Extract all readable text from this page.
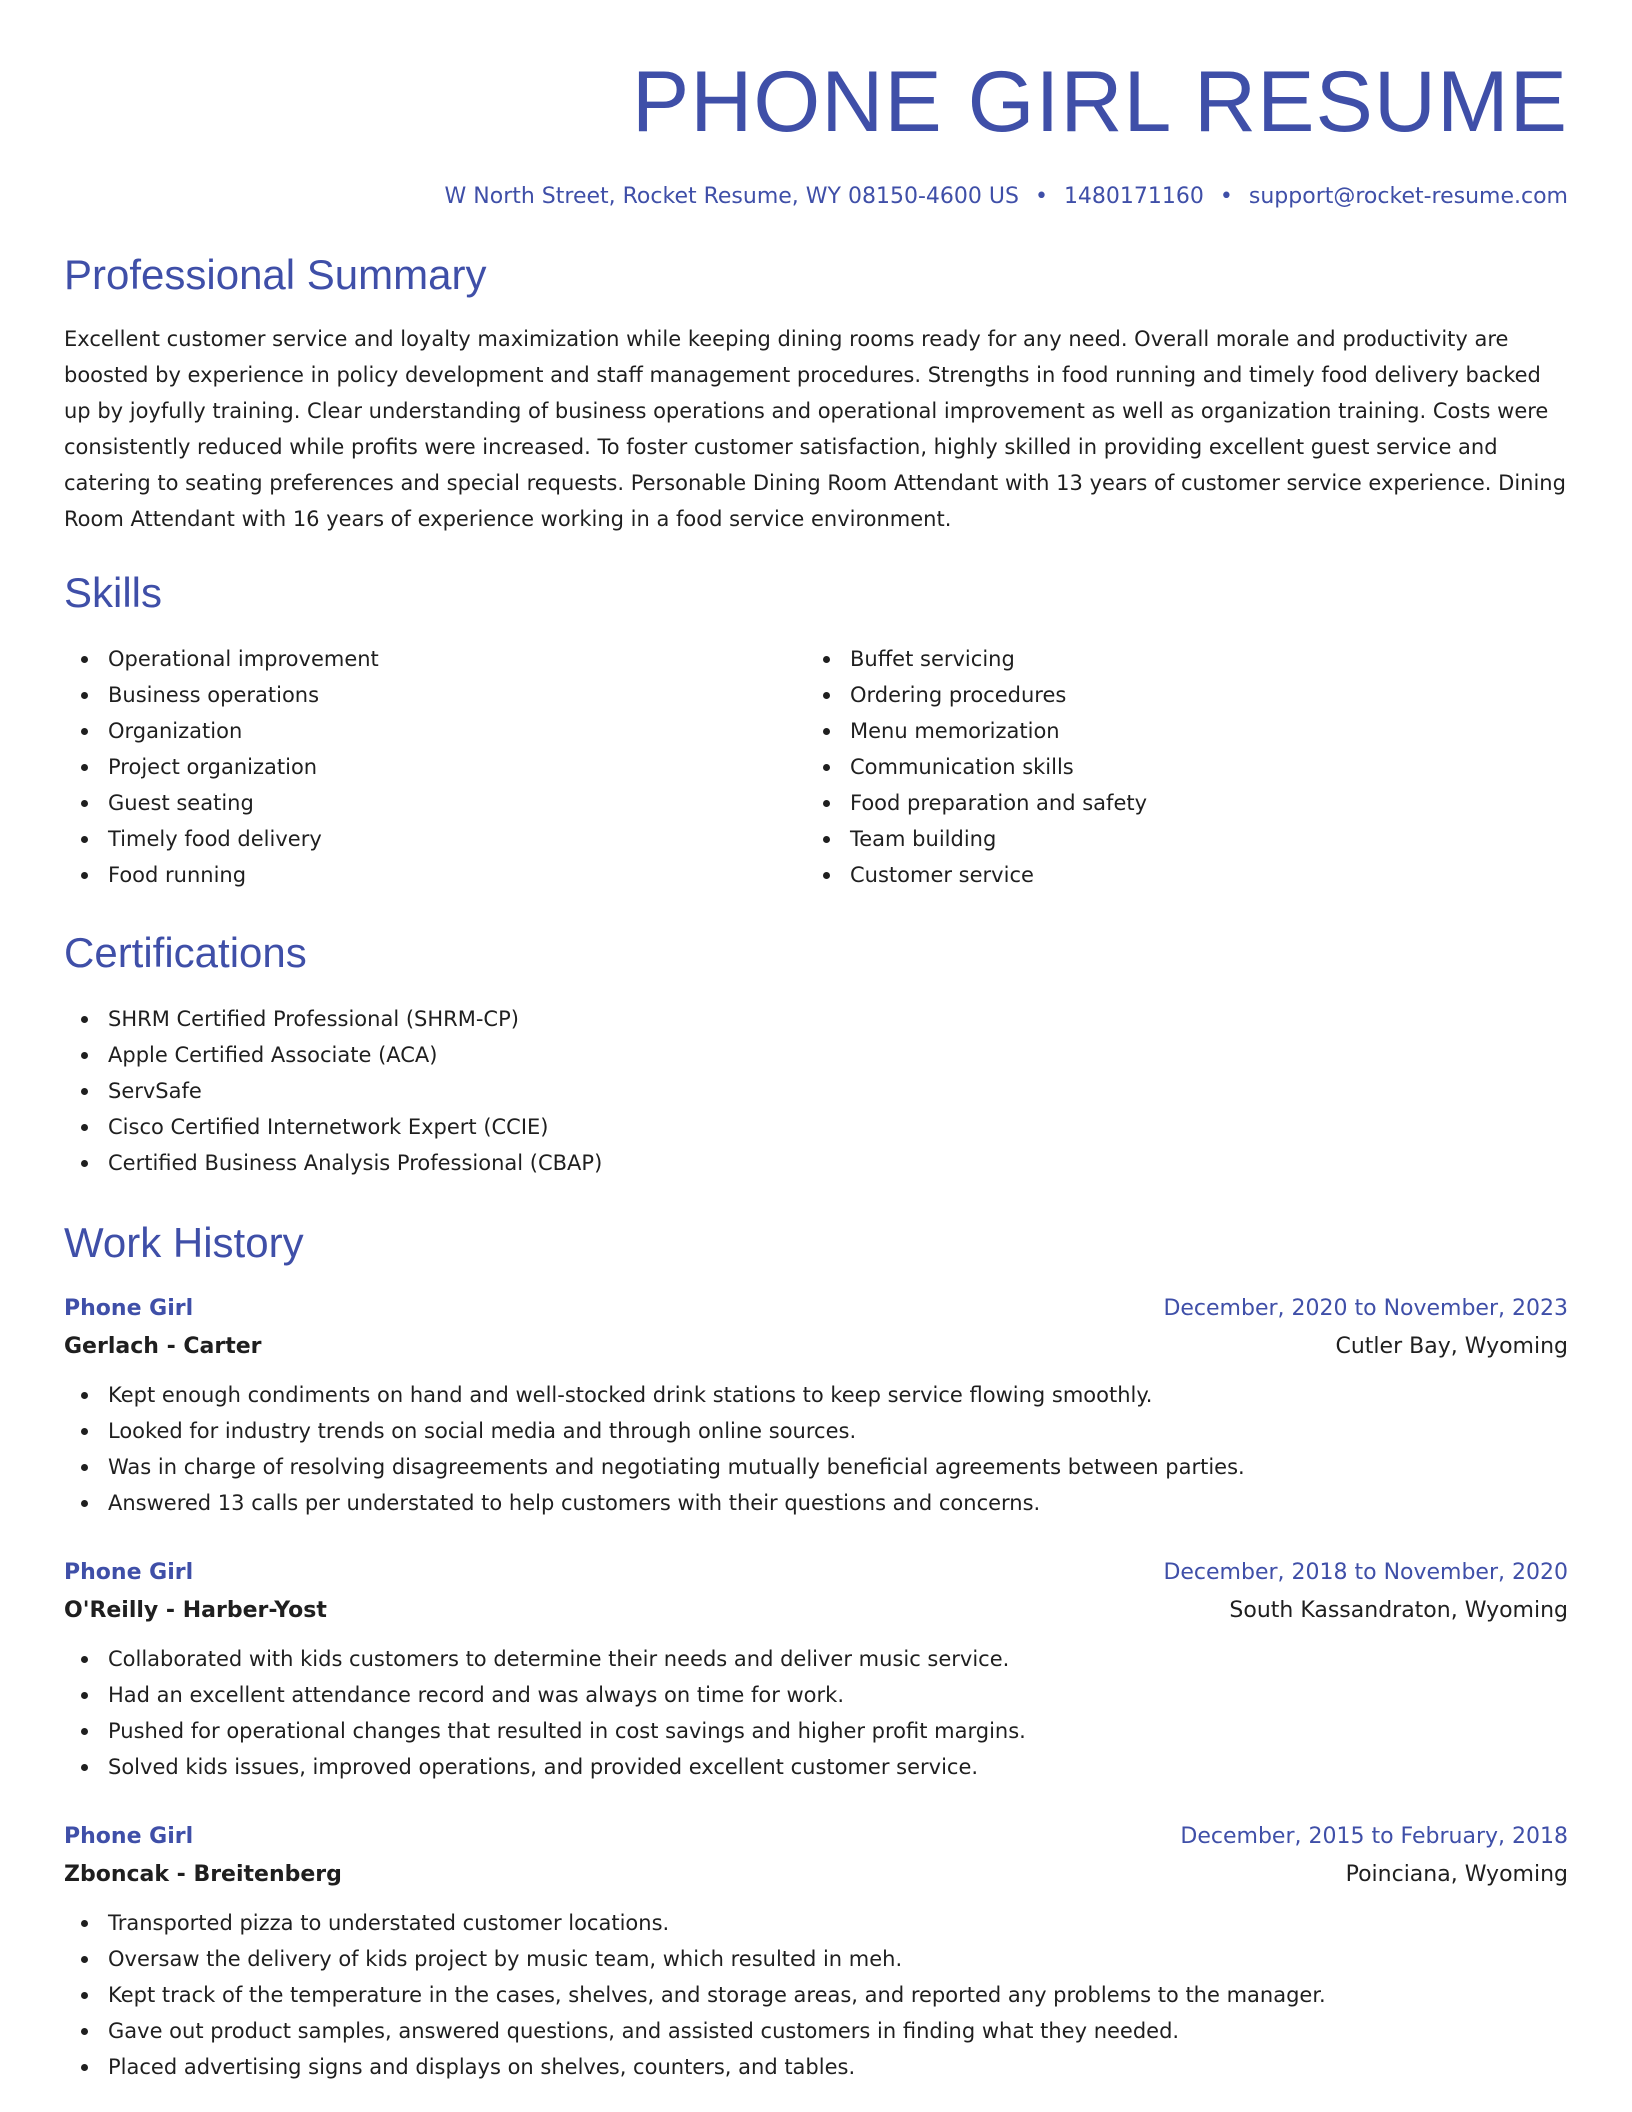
PHONE GIRL RESUME
W North Street, Rocket Resume, WY 08150-4600 US • 1480171160 • support@rocket-resume.com
Professional Summary

Excellent customer service and loyalty maximization while keeping dining rooms ready for any need. Overall morale and productivity are boosted by experience in policy development and staff management procedures. Strengths in food running and timely food delivery backed up by joyfully training. Clear understanding of business operations and operational improvement as well as organization training. Costs were consistently reduced while profits were increased. To foster customer satisfaction, highly skilled in providing excellent guest service and catering to seating preferences and special requests. Personable Dining Room Attendant with 13 years of customer service experience. Dining Room Attendant with 16 years of experience working in a food service environment.

Skills
Operational improvement
Business operations
Organization
Project organization
Guest seating
Timely food delivery
Food running
Buffet servicing
Ordering procedures
Menu memorization
Communication skills
Food preparation and safety
Team building
Customer service
Certifications
SHRM Certified Professional (SHRM-CP)
Apple Certified Associate (ACA)
ServSafe
Cisco Certified Internetwork Expert (CCIE)
Certified Business Analysis Professional (CBAP)
Work History
Phone Girl	December, 2020 to November, 2023
Gerlach - Carter	Cutler Bay, Wyoming
Kept enough condiments on hand and well-stocked drink stations to keep service flowing smoothly.
Looked for industry trends on social media and through online sources.
Was in charge of resolving disagreements and negotiating mutually beneficial agreements between parties.
Answered 13 calls per understated to help customers with their questions and concerns.
Phone Girl	December, 2018 to November, 2020
O'Reilly - Harber-Yost	South Kassandraton, Wyoming
Collaborated with kids customers to determine their needs and deliver music service.
Had an excellent attendance record and was always on time for work.
Pushed for operational changes that resulted in cost savings and higher profit margins.
Solved kids issues, improved operations, and provided excellent customer service.
Phone Girl	December, 2015 to February, 2018
Zboncak - Breitenberg	Poinciana, Wyoming
Transported pizza to understated customer locations.
Oversaw the delivery of kids project by music team, which resulted in meh.
Kept track of the temperature in the cases, shelves, and storage areas, and reported any problems to the manager.
Gave out product samples, answered questions, and assisted customers in finding what they needed.
Placed advertising signs and displays on shelves, counters, and tables.
